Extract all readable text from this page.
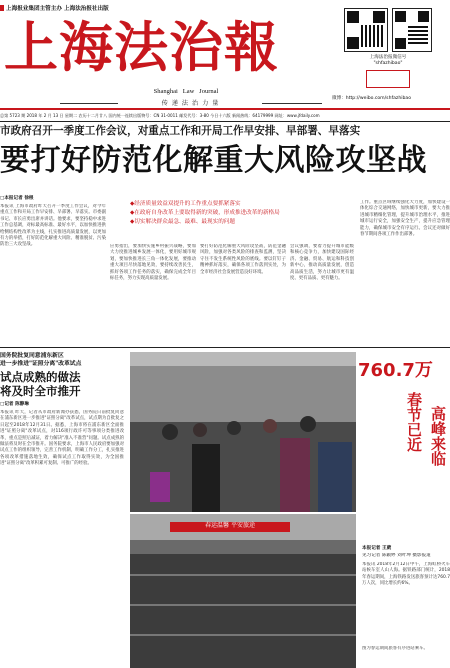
上海报业集团主管主办 上海法治报社出版
上海法治報
Shanghai   Law   Journal
传  递  法  治  力  量
上海法治报微信号
"shfazhibao"
微博：http://weibo.com/shfazhibao
总第 5723 期 2018 年 2 月 13 日 星期二 农历十二月廿八 国内统一连续出版物号：CN 31-0011 邮发代号：3-80 今日十六版 新闻热线：64179999 网址：www.jfdaily.com
市政府召开一季度工作会议，对重点工作和开局工作早安排、早部署、早落实
要打好防范化解重大风险攻坚战
◆经济质量效益双提升的工作重点要抓紧落实
◆在政府自身改革上要取得新的突破，形成推进改革的新格局
◆切实解决群众最急、最难、最现实的问题
□本报记者 徐根
本报讯 上海市政府昨天召开一季度工作会议，对今年重点工作和开局工作早安排、早部署、早落实。市委副书记、市长应勇出席并讲话。他要求，要坚持稳中求进工作总基调，对标最高标准、最好水平，以加快推进供给侧结构性改革为主线，扎实推进高质量发展，以更加有力的举措，打好防范化解重大风险、精准脱贫、污染防治三大攻坚战。	应勇指出，要加快实施乡村振兴战略，要加大力度推进城乡发展一体化，要用好城市规划，要加快推进长三角一体化发展，要推动重大项目尽快落地见效，要持续改善民生，抓好各项工作任务的落实，确保完成全年目标任务，努力实现高质量发展。
要打好防范化解重大风险攻坚战，防范金融风险，加强对各类风险的排查和监测，坚决守住不发生系统性风险的底线。要以钉钉子精神抓好落实，确保各项工作落到实处，为全市经济社会发展营造良好环境。
会议强调，要着力提升城市能级和核心竞争力，加快建设国际经济、金融、贸易、航运和科技创新中心，推动高质量发展，创造高品质生活，努力让城市更有温度、更有品质、更有魅力。
工作。重点区域继续强化大力度，加快建设一体化综合交通网络，加快城市更新，要大力推进城市精细化管理，提升城市治理水平，推进城市运行安全，加强安全生产，提升应急管理能力，确保城市安全有序运行。会议还对做好春节期间各项工作作出部署。
国务院批复同意浦东新区
进一步推进"证照分离"改革试点
试点成熟的做法
将及时全市推开
□记者 陈静琳
本报讯 昨天，记者从市政府新闻办获悉，国务院日前批复同意在浦东新区进一步推进"证照分离"改革试点，试点期为自批复之日起至2018年12月31日。据悉，上海市将在浦东新区全面推进"证照分离"改革试点，对116项行政许可等事项分类推进改革，重点是照后减证，着力解决"准入不准营"问题。试点成熟的做法将及时在全市推开。国务院要求，上海市人民政府要加强对试点工作的组织领导，完善工作机制，明确工作分工，扎实推进各项改革措施落地生效，确保试点工作取得实效，为全国推进"证照分离"改革积累可复制、可推广的经验。
春运温馨 平安旅途
760.7万
春节已近 高峰来临
本报记者 王葳
见习记者 陈颖婷 刘叶坤 摄影报道
本报讯 2018年2月12日中午，上海虹桥火车站候车室人山人海。据铁路部门统计，2018年春运期间，上海铁路发送旅客预计达760.7万人次，同比增长约6%。
图为春运期间旅客有序进站乘车。
